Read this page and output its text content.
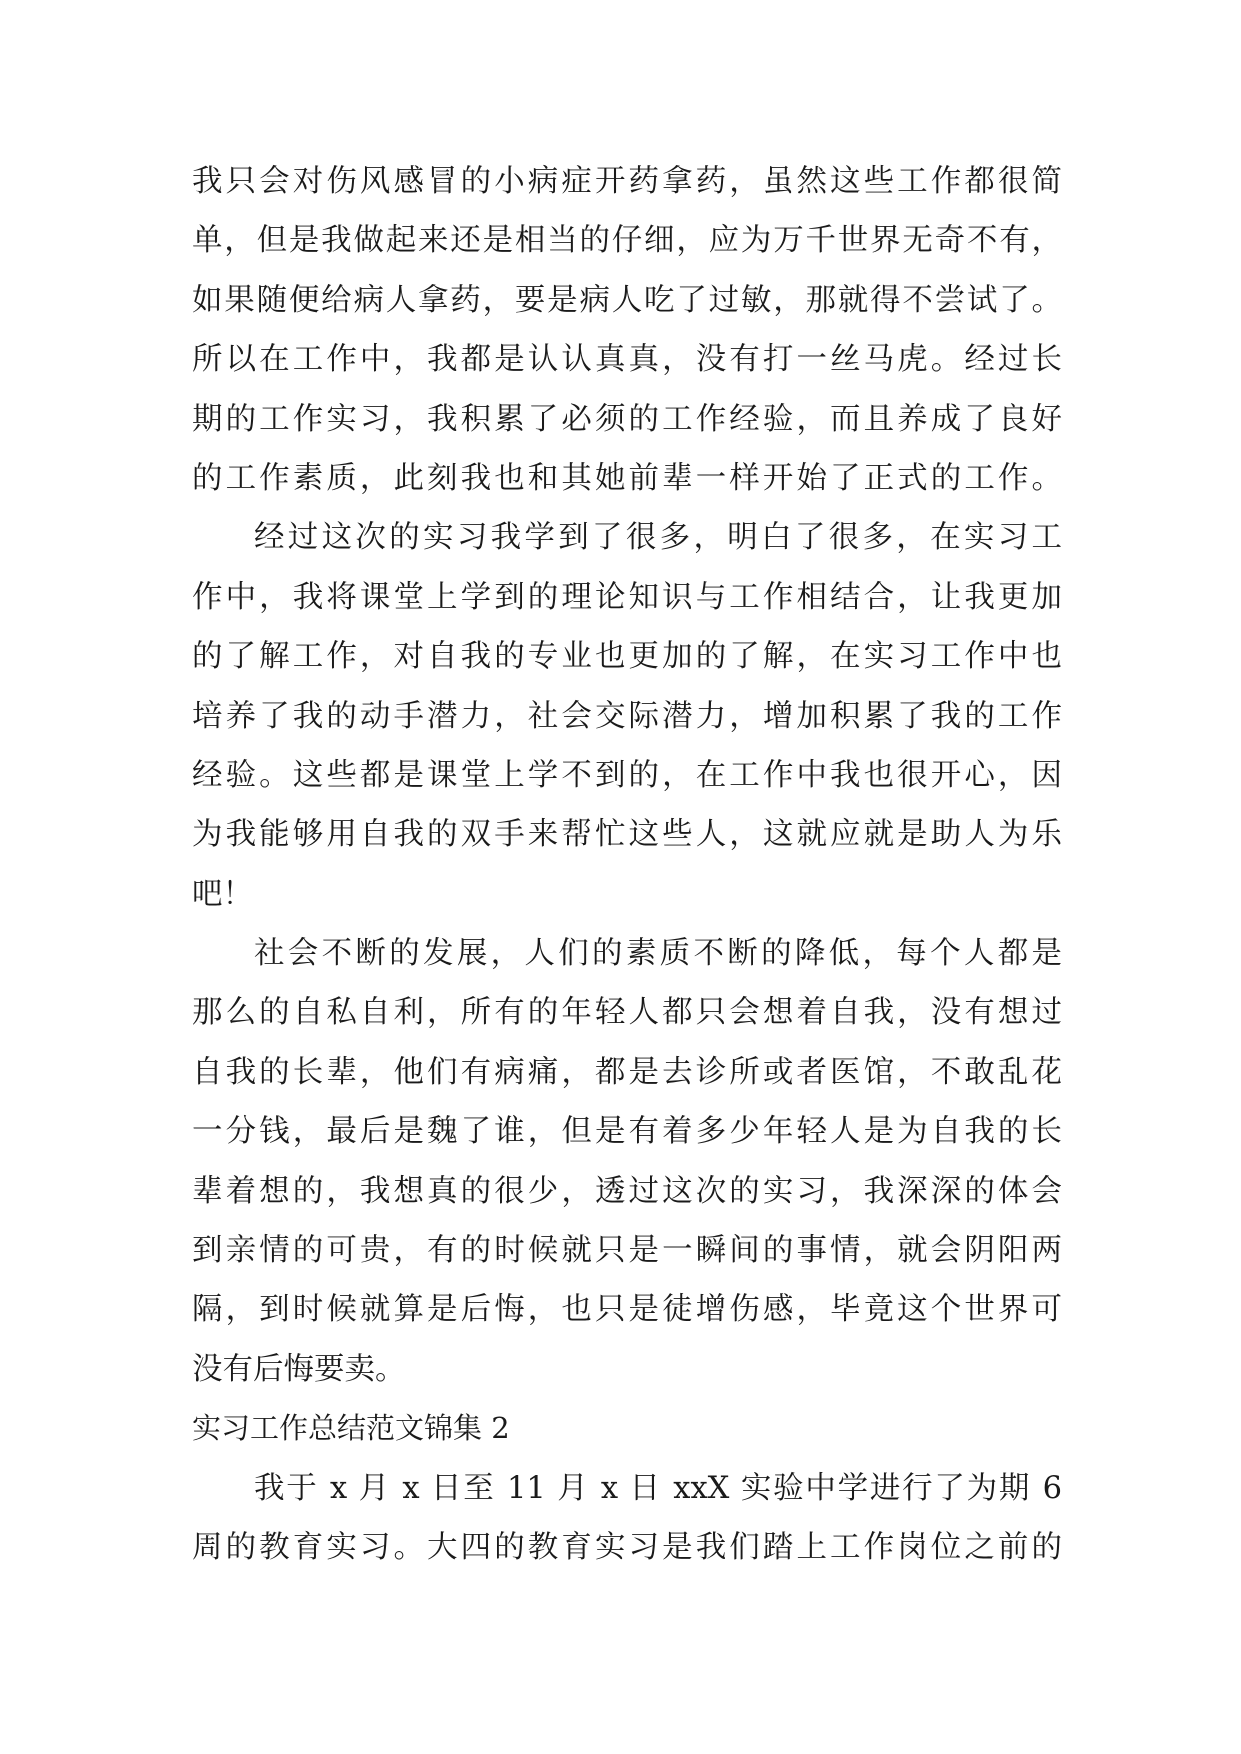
我只会对伤风感冒的小病症开药拿药，虽然这些工作都很简
单，但是我做起来还是相当的仔细，应为万千世界无奇不有，
如果随便给病人拿药，要是病人吃了过敏，那就得不尝试了。
所以在工作中，我都是认认真真，没有打一丝马虎。经过长
期的工作实习，我积累了必须的工作经验，而且养成了良好
的工作素质，此刻我也和其她前辈一样开始了正式的工作。
经过这次的实习我学到了很多，明白了很多，在实习工
作中，我将课堂上学到的理论知识与工作相结合，让我更加
的了解工作，对自我的专业也更加的了解，在实习工作中也
培养了我的动手潜力，社会交际潜力，增加积累了我的工作
经验。这些都是课堂上学不到的，在工作中我也很开心，因
为我能够用自我的双手来帮忙这些人，这就应就是助人为乐
吧！
社会不断的发展，人们的素质不断的降低，每个人都是
那么的自私自利，所有的年轻人都只会想着自我，没有想过
自我的长辈，他们有病痛，都是去诊所或者医馆，不敢乱花
一分钱，最后是魏了谁，但是有着多少年轻人是为自我的长
辈着想的，我想真的很少，透过这次的实习，我深深的体会
到亲情的可贵，有的时候就只是一瞬间的事情，就会阴阳两
隔，到时候就算是后悔，也只是徒增伤感，毕竟这个世界可
没有后悔要卖。
实习工作总结范文锦集 2
我于 x 月 x 日至 11 月 x 日 xxX 实验中学进行了为期 6
周的教育实习。大四的教育实习是我们踏上工作岗位之前的
